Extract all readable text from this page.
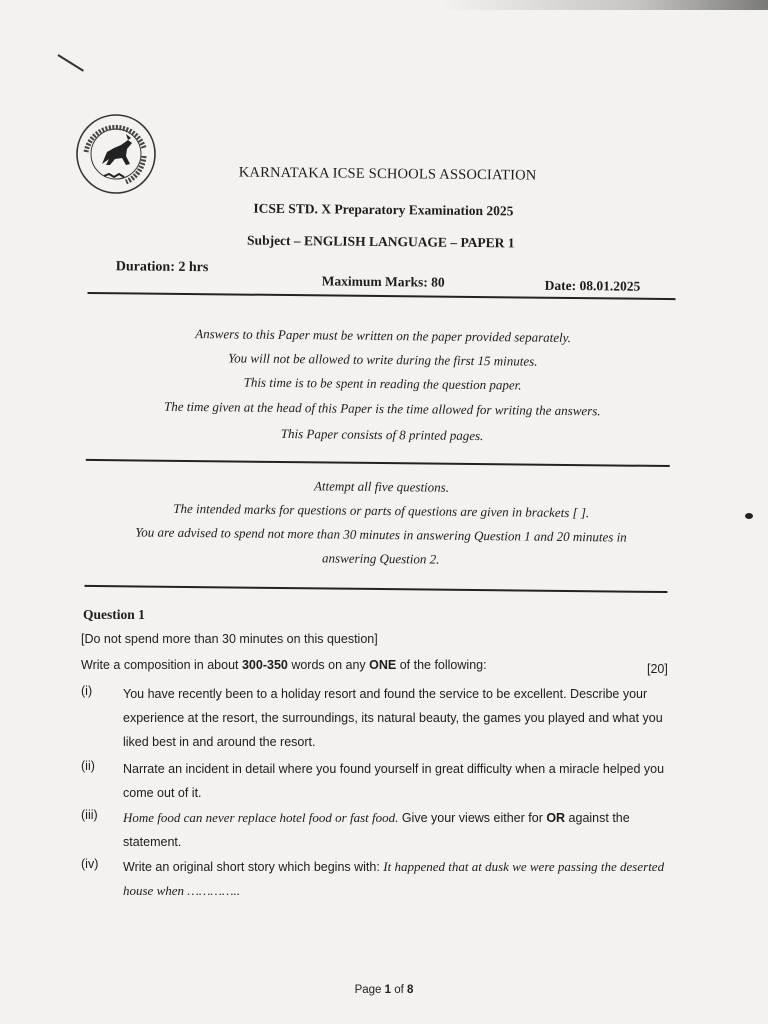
KARNATAKA ICSE SCHOOLS ASSOCIATION
ICSE STD. X Preparatory Examination 2025
Subject – ENGLISH LANGUAGE – PAPER 1
Duration: 2 hrs
Maximum Marks: 80	Date: 08.01.2025
Answers to this Paper must be written on the paper provided separately.
You will not be allowed to write during the first 15 minutes.
This time is to be spent in reading the question paper.
The time given at the head of this Paper is the time allowed for writing the answers.
This Paper consists of 8 printed pages.
Attempt all five questions.
The intended marks for questions or parts of questions are given in brackets [ ].
You are advised to spend not more than 30 minutes in answering Question 1 and 20 minutes in
answering Question 2.
Question 1
[Do not spend more than 30 minutes on this question]
Write a composition in about 300-350 words on any ONE of the following:	[20]
(i) You have recently been to a holiday resort and found the service to be excellent. Describe your experience at the resort, the surroundings, its natural beauty, the games you played and what you liked best in and around the resort.
(ii) Narrate an incident in detail where you found yourself in great difficulty when a miracle helped you come out of it.
(iii) Home food can never replace hotel food or fast food. Give your views either for OR against the statement.
(iv) Write an original short story which begins with: It happened that at dusk we were passing the deserted house when …………..
Page 1 of 8
